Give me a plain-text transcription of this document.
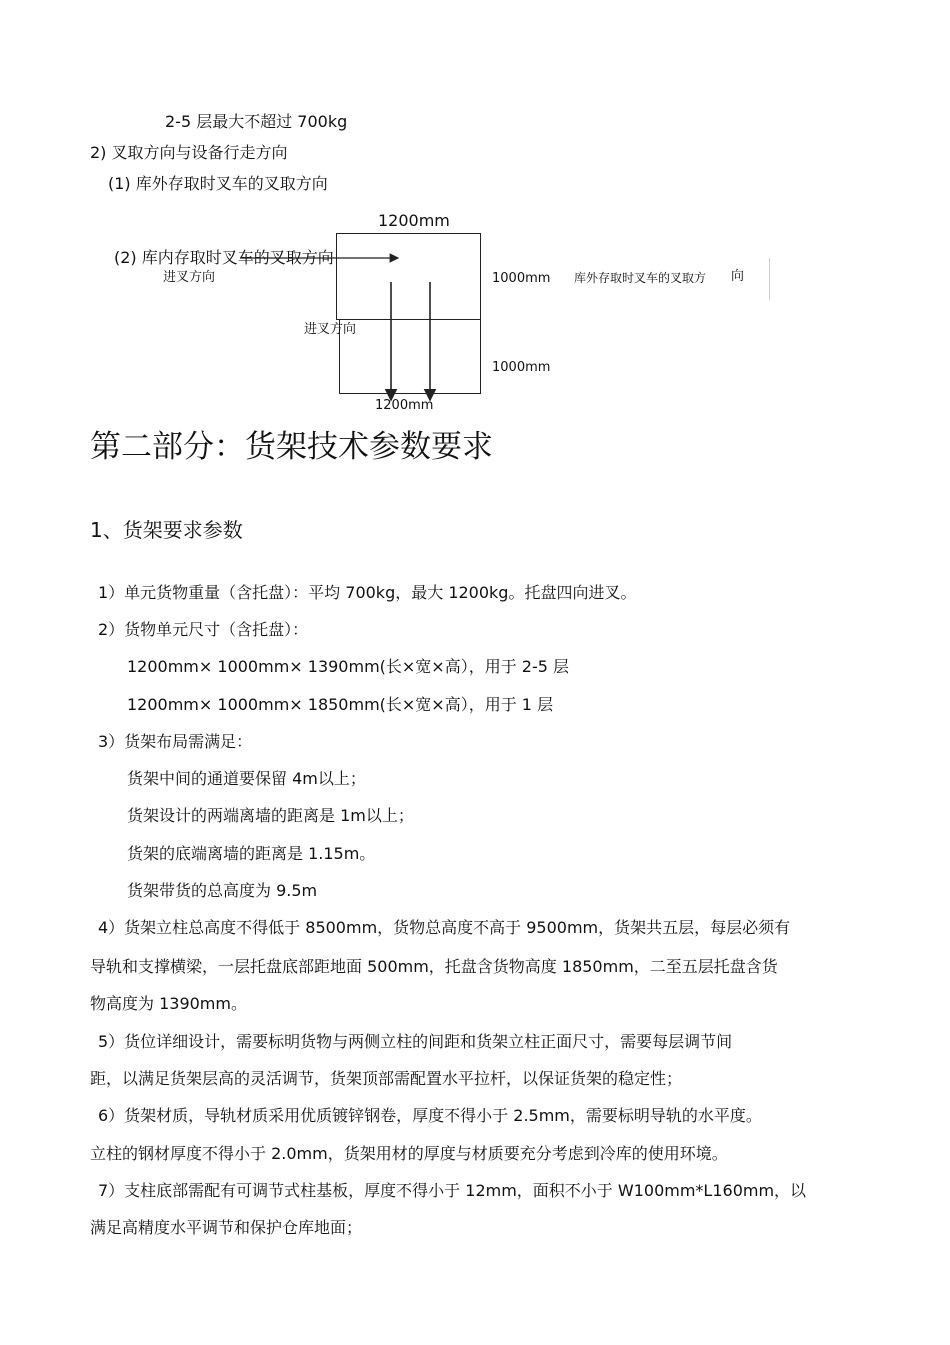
2-5 层最大不超过 700kg
2) 叉取方向与设备行走方向
(1) 库外存取时叉车的叉取方向
1200mm
(2) 库内存取时叉车的叉取方向
进叉方向
进叉方向
1000mm
1000mm
1200mm
库外存取时叉车的叉取方 向
第二部分：货架技术参数要求
1、货架要求参数
1）单元货物重量（含托盘）：平均 700kg，最大 1200kg。托盘四向进叉。
2）货物单元尺寸（含托盘）：
1200mm× 1000mm× 1390mm(长×宽×高），用于 2-5 层
1200mm× 1000mm× 1850mm(长×宽×高），用于 1 层
3）货架布局需满足：
货架中间的通道要保留 4m以上；
货架设计的两端离墙的距离是 1m以上；
货架的底端离墙的距离是 1.15m。
货架带货的总高度为 9.5m
4）货架立柱总高度不得低于 8500mm，货物总高度不高于 9500mm，货架共五层，每层必须有
导轨和支撑横梁，一层托盘底部距地面 500mm，托盘含货物高度 1850mm，二至五层托盘含货
物高度为 1390mm。
5）货位详细设计，需要标明货物与两侧立柱的间距和货架立柱正面尺寸，需要每层调节间
距，以满足货架层高的灵活调节，货架顶部需配置水平拉杆，以保证货架的稳定性；
6）货架材质，导轨材质采用优质镀锌钢卷，厚度不得小于 2.5mm，需要标明导轨的水平度。
立柱的钢材厚度不得小于 2.0mm，货架用材的厚度与材质要充分考虑到冷库的使用环境。
7）支柱底部需配有可调节式柱基板，厚度不得小于 12mm，面积不小于 W100mm*L160mm，以
满足高精度水平调节和保护仓库地面；
